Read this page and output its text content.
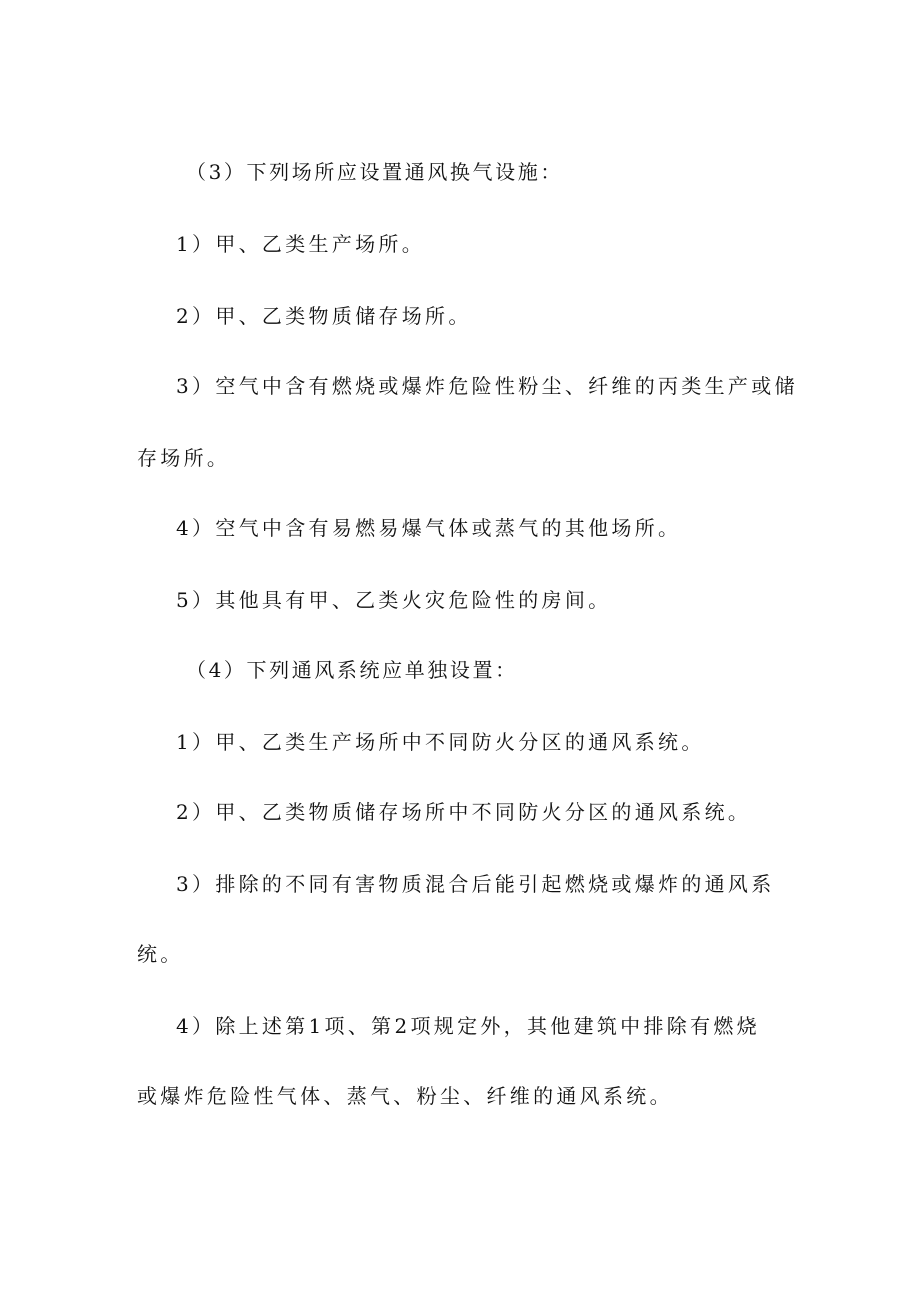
（3）下列场所应设置通风换气设施：

1）甲、乙类生产场所。

2）甲、乙类物质储存场所。

3）空气中含有燃烧或爆炸危险性粉尘、纤维的丙类生产或储

存场所。

4）空气中含有易燃易爆气体或蒸气的其他场所。

5）其他具有甲、乙类火灾危险性的房间。

（4）下列通风系统应单独设置：

1）甲、乙类生产场所中不同防火分区的通风系统。

2）甲、乙类物质储存场所中不同防火分区的通风系统。

3）排除的不同有害物质混合后能引起燃烧或爆炸的通风系

统。

4）除上述第1项、第2项规定外，其他建筑中排除有燃烧

或爆炸危险性气体、蒸气、粉尘、纤维的通风系统。
